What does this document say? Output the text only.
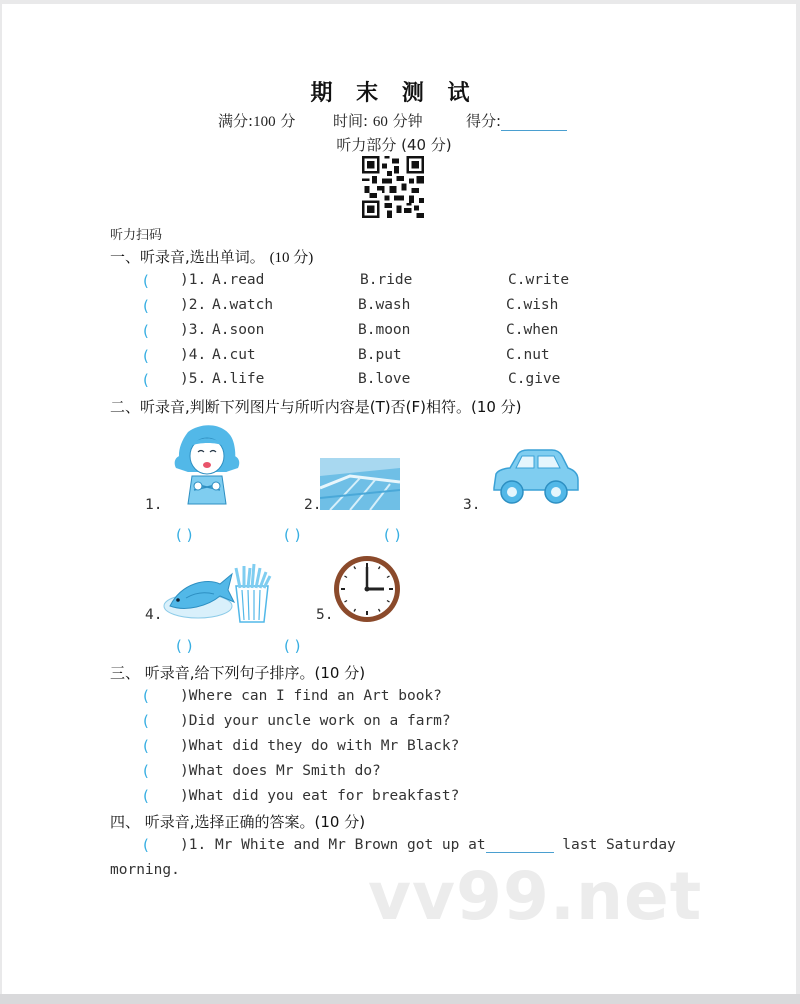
期 末 测 试
满分:100 分	时间: 60 分钟	得分:
听力部分 (40 分)
听力扫码
一、听录音,选出单词。 (10 分)
( )1. A.read	B.ride	C.write
( )2. A.watch	B.wash	C.wish
( )3. A.soon	B.moon	C.when
( )4. A.cut	B.put	C.nut
( )5. A.life	B.love	C.give
二、听录音,判断下列图片与所听内容是(T)否(F)相符。(10 分)
1.	2.	3.
( )	( )	( )
4.	5.
( )	( )
三、 听录音,给下列句子排序。(10 分)
( )Where can I find an Art book?
( )Did your uncle work on a farm?
( )What did they do with Mr Black?
( )What does Mr Smith do?
( )What did you eat for breakfast?
四、 听录音,选择正确的答案。(10 分)
( )1. Mr White and Mr Brown got up at	last Saturday
morning.	vv99.net
